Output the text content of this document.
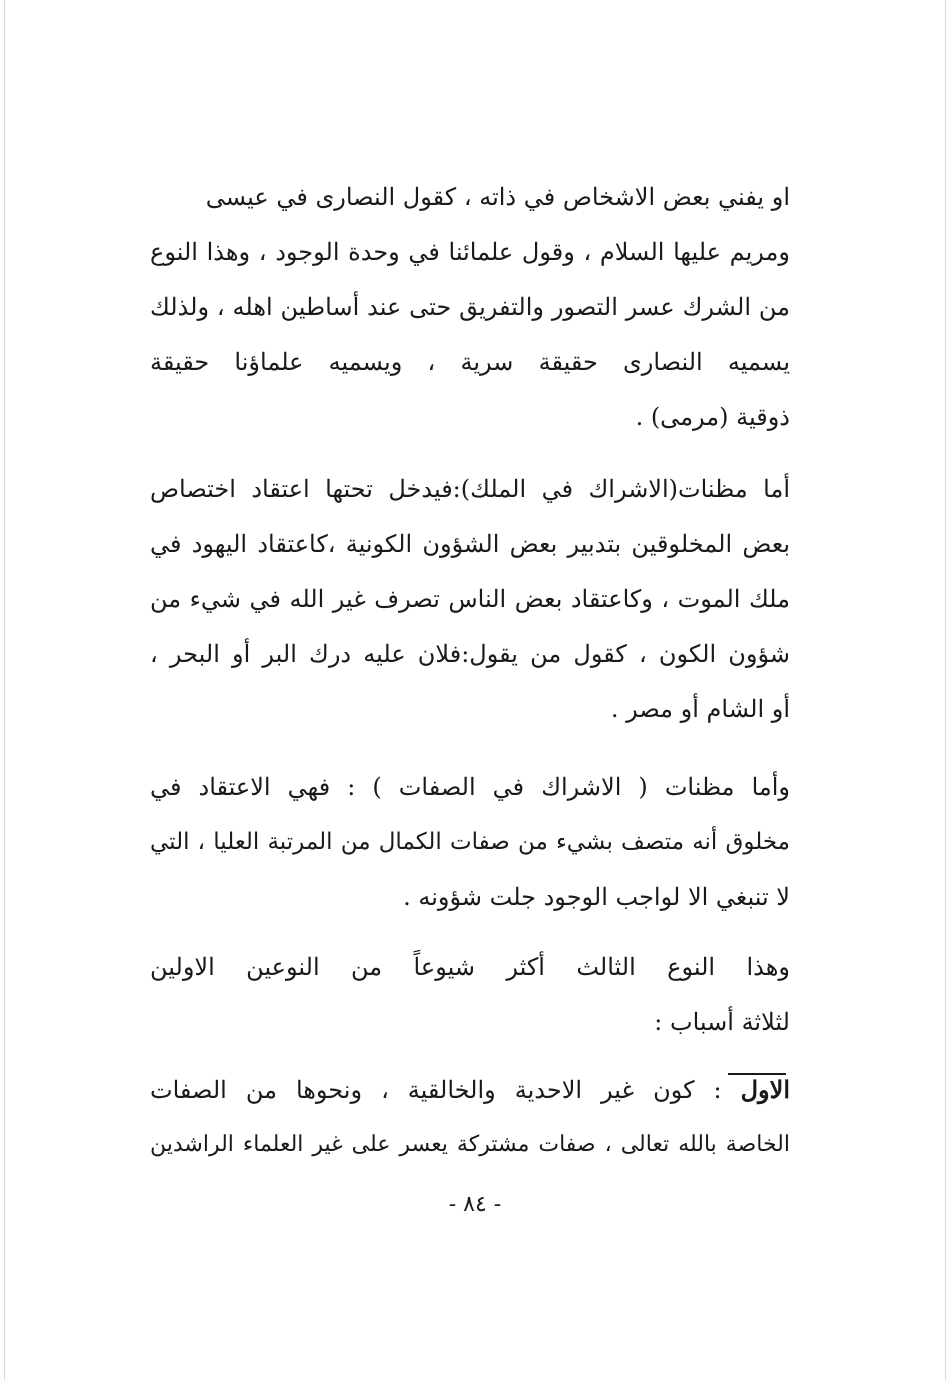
او يفني بعض الاشخاص في ذاته ، كقول النصارى في عيسى
ومريم عليها السلام ، وقول علمائنا في وحدة الوجود ، وهذا النوع
من الشرك عسر التصور والتفريق حتى عند أساطين اهله ، ولذلك
يسميه النصارى حقيقة سرية ، ويسميه علماؤنا حقيقة
ذوقية (مرمى) .
أما مظنات(الاشراك في الملك):فيدخل تحتها اعتقاد اختصاص
بعض المخلوقين بتدبير بعض الشؤون الكونية ،كاعتقاد اليهود في
ملك الموت ، وكاعتقاد بعض الناس تصرف غير الله في شيء من
شؤون الكون ، كقول من يقول:فلان عليه درك البر أو البحر ،
أو الشام أو مصر .
وأما مظنات ( الاشراك في الصفات ) : فهي الاعتقاد في
مخلوق أنه متصف بشيء من صفات الكمال من المرتبة العليا ، التي
لا تنبغي الا لواجب الوجود جلت شؤونه .
وهذا النوع الثالث أكثر شيوعاً من النوعين الاولين
لثلاثة أسباب :
الاول : كون غير الاحدية والخالقية ، ونحوها من الصفات
الخاصة بالله تعالى ، صفات مشتركة يعسر على غير العلماء الراشدين
- ٨٤ -
